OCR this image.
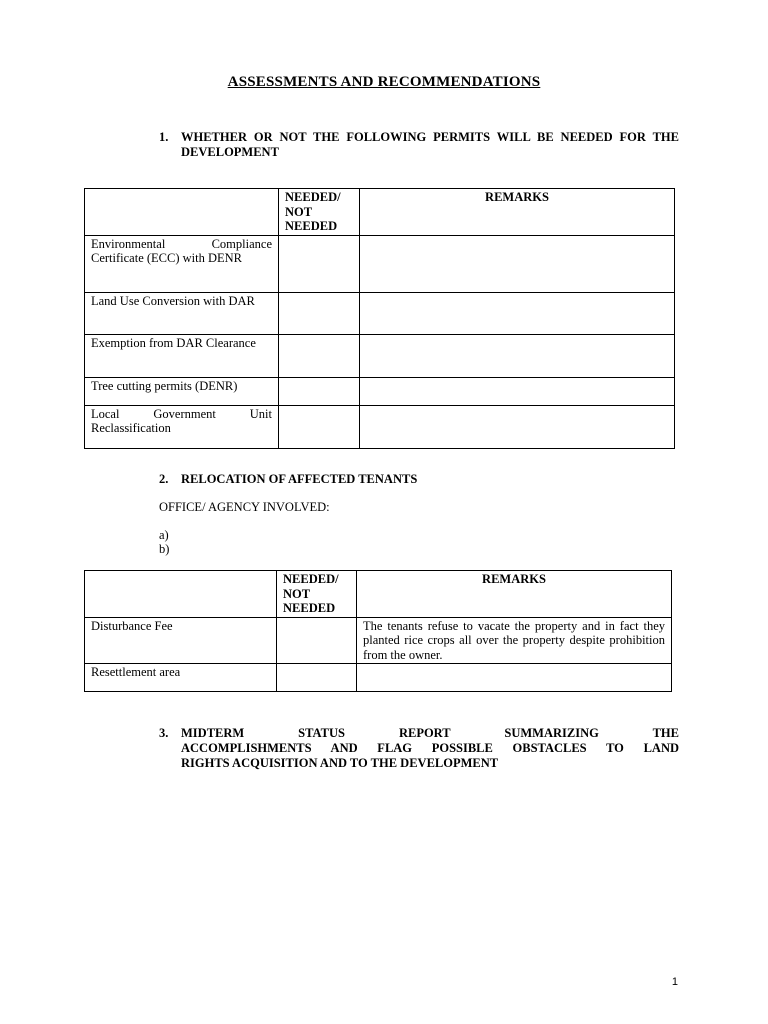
ASSESSMENTS AND RECOMMENDATIONS
1. WHETHER OR NOT THE FOLLOWING PERMITS WILL BE NEEDED FOR THE DEVELOPMENT
	NEEDED/ NOT NEEDED	REMARKS
Environmental Compliance Certificate (ECC) with DENR		
Land Use Conversion with DAR		
Exemption from DAR Clearance		
Tree cutting permits (DENR)		
Local Government Unit Reclassification		
2. RELOCATION OF AFFECTED TENANTS
OFFICE/ AGENCY INVOLVED:
a)
b)
	NEEDED/ NOT NEEDED	REMARKS
Disturbance Fee		The tenants refuse to vacate the property and in fact they planted rice crops all over the property despite prohibition from the owner.
Resettlement area		
3. MIDTERM STATUS REPORT SUMMARIZING THE
ACCOMPLISHMENTS AND FLAG POSSIBLE OBSTACLES TO LAND
RIGHTS ACQUISITION AND TO THE DEVELOPMENT
1
